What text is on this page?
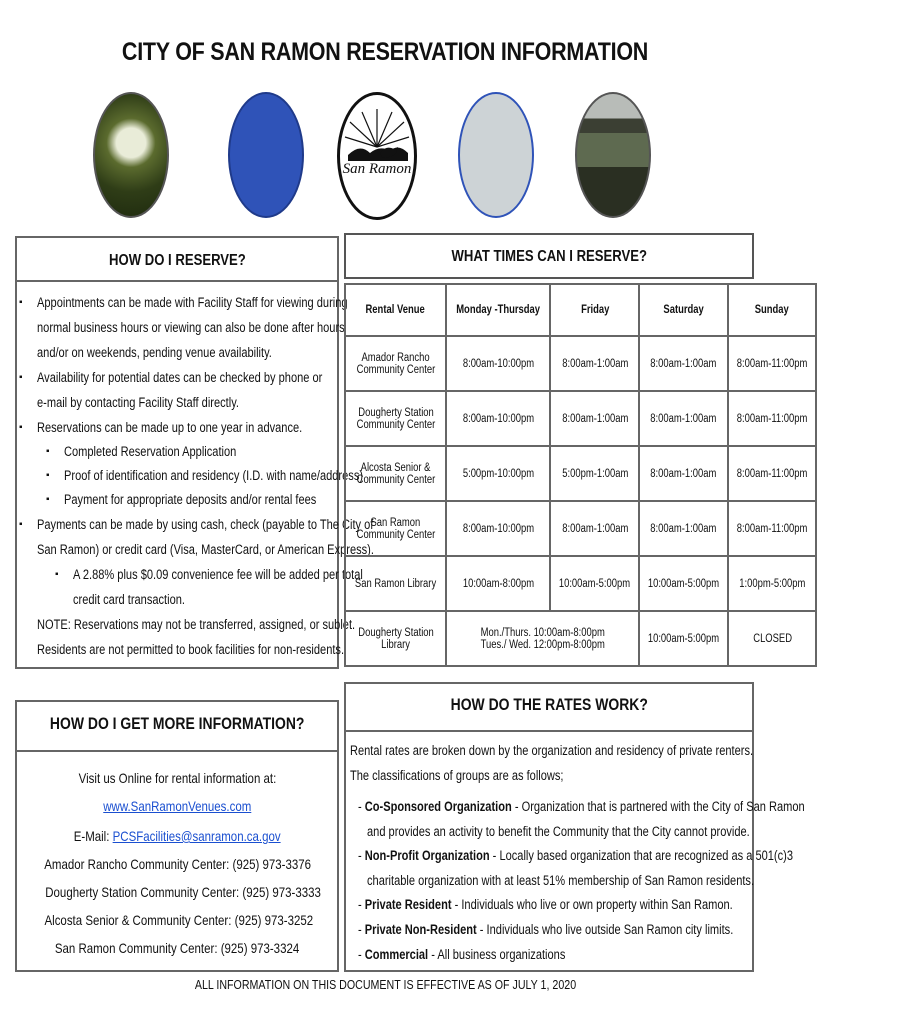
CITY OF SAN RAMON RESERVATION INFORMATION
San Ramon
HOW DO I RESERVE?
▪ Appointments can be made with Facility Staff for viewing during
normal business hours or viewing can also be done after hours
and/or on weekends, pending venue availability.
▪ Availability for potential dates can be checked by phone or
e-mail by contacting Facility Staff directly.
▪ Reservations can be made up to one year in advance.
▪ Completed Reservation Application
▪ Proof of identification and residency (I.D. with name/address)
▪ Payment for appropriate deposits and/or rental fees
▪ Payments can be made by using cash, check (payable to The City of
San Ramon) or credit card (Visa, MasterCard, or American Express).
▪ A 2.88% plus $0.09 convenience fee will be added per total
credit card transaction.
NOTE: Reservations may not be transferred, assigned, or sublet.
Residents are not permitted to book facilities for non-residents.
WHAT TIMES CAN I RESERVE?
Rental Venue	Monday -Thursday	Friday	Saturday	Sunday
Amador Rancho
Community Center	8:00am-10:00pm	8:00am-1:00am	8:00am-1:00am	8:00am-11:00pm
Dougherty Station
Community Center	8:00am-10:00pm	8:00am-1:00am	8:00am-1:00am	8:00am-11:00pm
Alcosta Senior &
Community Center	5:00pm-10:00pm	5:00pm-1:00am	8:00am-1:00am	8:00am-11:00pm
San Ramon
Community Center	8:00am-10:00pm	8:00am-1:00am	8:00am-1:00am	8:00am-11:00pm
San Ramon Library	10:00am-8:00pm	10:00am-5:00pm	10:00am-5:00pm	1:00pm-5:00pm
Dougherty Station
Library	Mon./Thurs. 10:00am-8:00pm
Tues./ Wed. 12:00pm-8:00pm		10:00am-5:00pm	CLOSED
HOW DO I GET MORE INFORMATION?
Visit us Online for rental information at:
www.SanRamonVenues.com
E-Mail: PCSFacilities@sanramon.ca.gov
Amador Rancho Community Center: (925) 973-3376
Dougherty Station Community Center: (925) 973-3333
Alcosta Senior & Community Center: (925) 973-3252
San Ramon Community Center: (925) 973-3324
HOW DO THE RATES WORK?
Rental rates are broken down by the organization and residency of private renters.
The classifications of groups are as follows;
- Co-Sponsored Organization - Organization that is partnered with the City of San Ramon
and provides an activity to benefit the Community that the City cannot provide.
- Non-Profit Organization - Locally based organization that are recognized as a 501(c)3
charitable organization with at least 51% membership of San Ramon residents.
- Private Resident - Individuals who live or own property within San Ramon.
- Private Non-Resident - Individuals who live outside San Ramon city limits.
- Commercial - All business organizations
ALL INFORMATION ON THIS DOCUMENT IS EFFECTIVE AS OF JULY 1, 2020
